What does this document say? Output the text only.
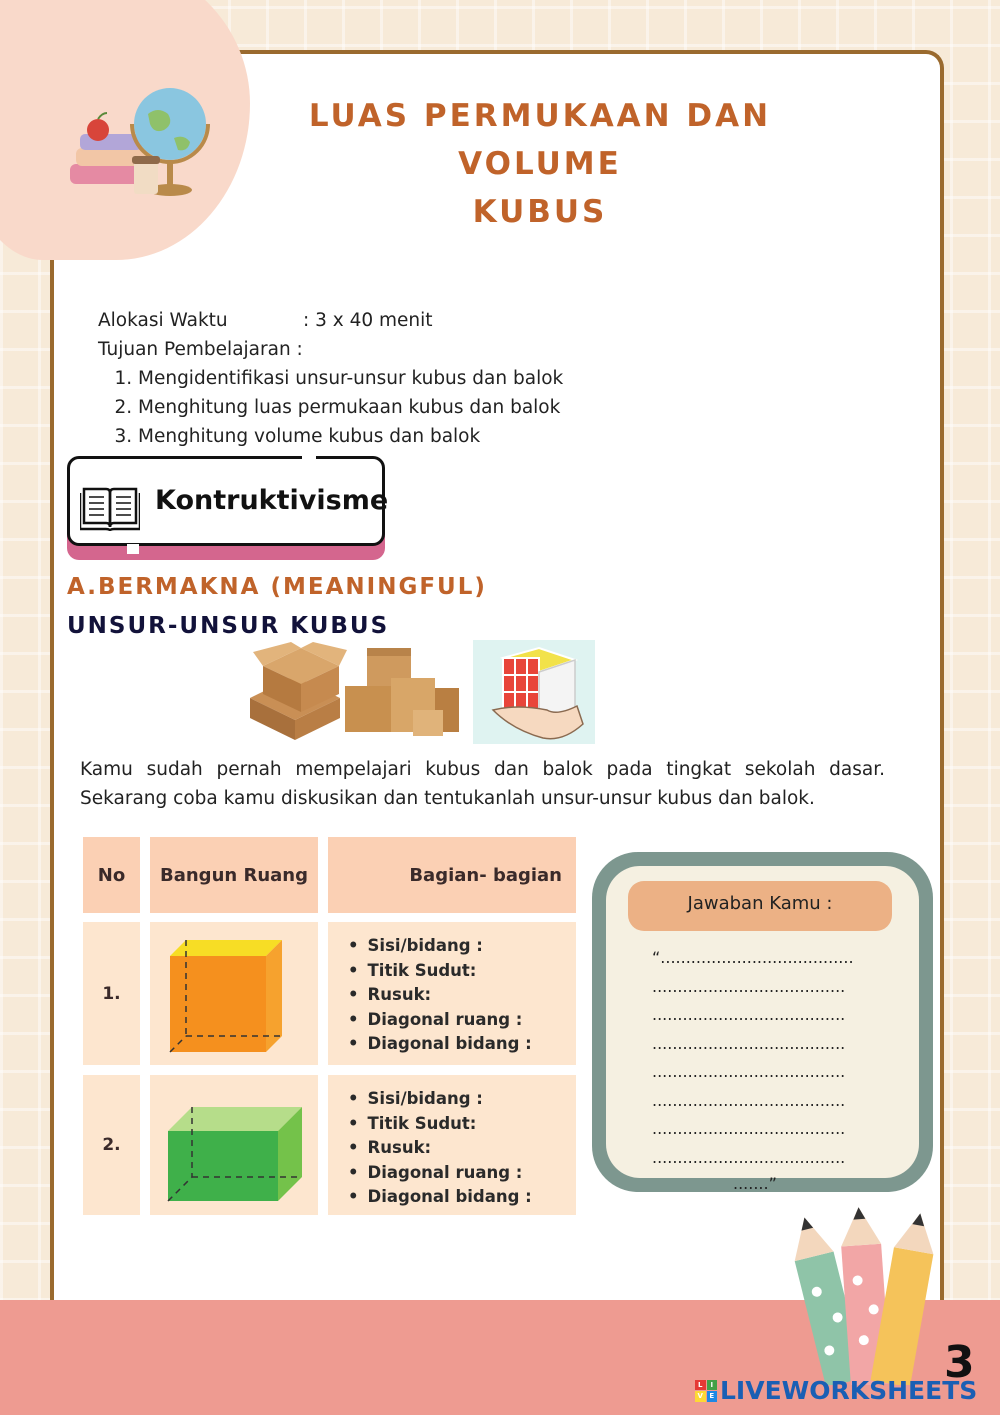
LUAS PERMUKAAN DAN VOLUME
KUBUS
Alokasi Waktu	: 3 x 40 menit
Tujuan Pembelajaran :
1. Mengidentifikasi unsur-unsur kubus dan balok
2. Menghitung luas permukaan kubus dan balok
3. Menghitung volume kubus dan balok
Kontruktivisme
A.BERMAKNA (MEANINGFUL)
UNSUR-UNSUR KUBUS
Kamu sudah pernah mempelajari kubus dan balok pada tingkat sekolah dasar. Sekarang coba kamu diskusikan dan tentukanlah unsur-unsur kubus dan balok.
No	Bangun Ruang	Bagian- bagian
1.
• Sisi/bidang :
• Titik Sudut:
• Rusuk:
• Diagonal ruang :
• Diagonal bidang :
2.
• Sisi/bidang :
• Titik Sudut:
• Rusuk:
• Diagonal ruang :
• Diagonal bidang :
Jawaban Kamu :
“......................................
......................................
......................................
......................................
......................................
......................................
......................................
......................................
.......”
3
L	I
V E LIVEWORKSHEETS
